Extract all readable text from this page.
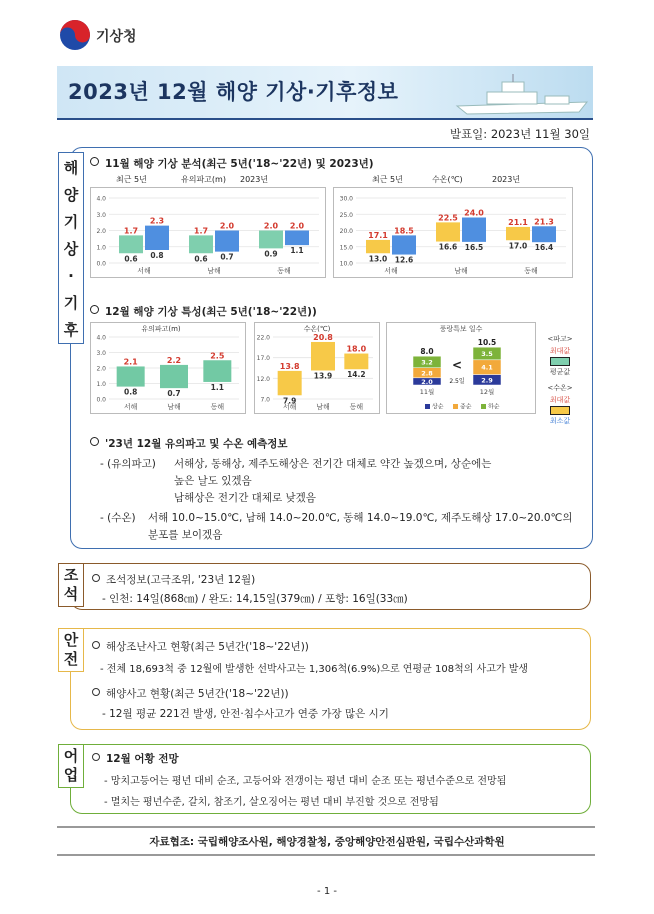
기상청
2023년 12월 해양 기상·기후정보
발표일: 2023년 11월 30일
해양기상·기후
11월 해양 기상 분석(최근 5년('18~'22년) 및 2023년)
4.0
3.0
2.0
1.0
0.0
서해
1.7
0.6
2.3
0.8
남해
1.7
0.6
2.0
0.7
동해
2.0
0.9
2.0
1.1
30.0
25.0
20.0
15.0
10.0
서해
17.1
13.0
18.5
12.6
남해
22.5
16.6
24.0
16.5
동해
21.1
17.0
21.3
16.4
최근 5년	유의파고(m) 2023년	최근 5년	수온(℃)	2023년
12월 해양 기상 특성(최근 5년('18~'22년))
4.0
3.0
2.0
1.0
0.0
서해
2.1
0.8
남해
2.2
0.7
동해
2.5
1.1
유의파고(m)
22.0
17.0
12.0
7.0
서해
13.8
7.9
남해
20.8
13.9
동해
18.0
14.2
수온(℃)	풍랑특보 일수
2.0
2.8
3.2
8.0
11월
2.9
4.1
3.5
10.5
12월
<
2.5일
상순	중순	하순
<파고>
최대값
평균값
<수온>
최대값
최소값
'23년 12월 유의파고 및 수온 예측정보
- (유의파고) 서해상, 동해상, 제주도해상은 전기간 대체로 약간 높겠으며, 상순에는
높은 날도 있겠음
남해상은 전기간 대체로 낮겠음
- (수온) 서해 10.0~15.0℃, 남해 14.0~20.0℃, 동해 14.0~19.0℃, 제주도해상 17.0~20.0℃의
분포를 보이겠음
조석
조석정보(고극조위, '23년 12월)
- 인천: 14일(868㎝) / 완도: 14,15일(379㎝) / 포항: 16일(33㎝)
안전
해상조난사고 현황(최근 5년간('18~'22년))
- 전체 18,693척 중 12월에 발생한 선박사고는 1,306척(6.9%)으로 연평균 108척의 사고가 발생
해양사고 현황(최근 5년간('18~'22년))
- 12월 평균 221건 발생, 안전·침수사고가 연중 가장 많은 시기
어업
12월 어황 전망
- 망치고등어는 평년 대비 순조, 고등어와 전갱이는 평년 대비 순조 또는 평년수준으로 전망됨
- 멸치는 평년수준, 갈치, 참조기, 살오징어는 평년 대비 부진할 것으로 전망됨
자료협조: 국립해양조사원, 해양경찰청, 중앙해양안전심판원, 국립수산과학원
- 1 -
